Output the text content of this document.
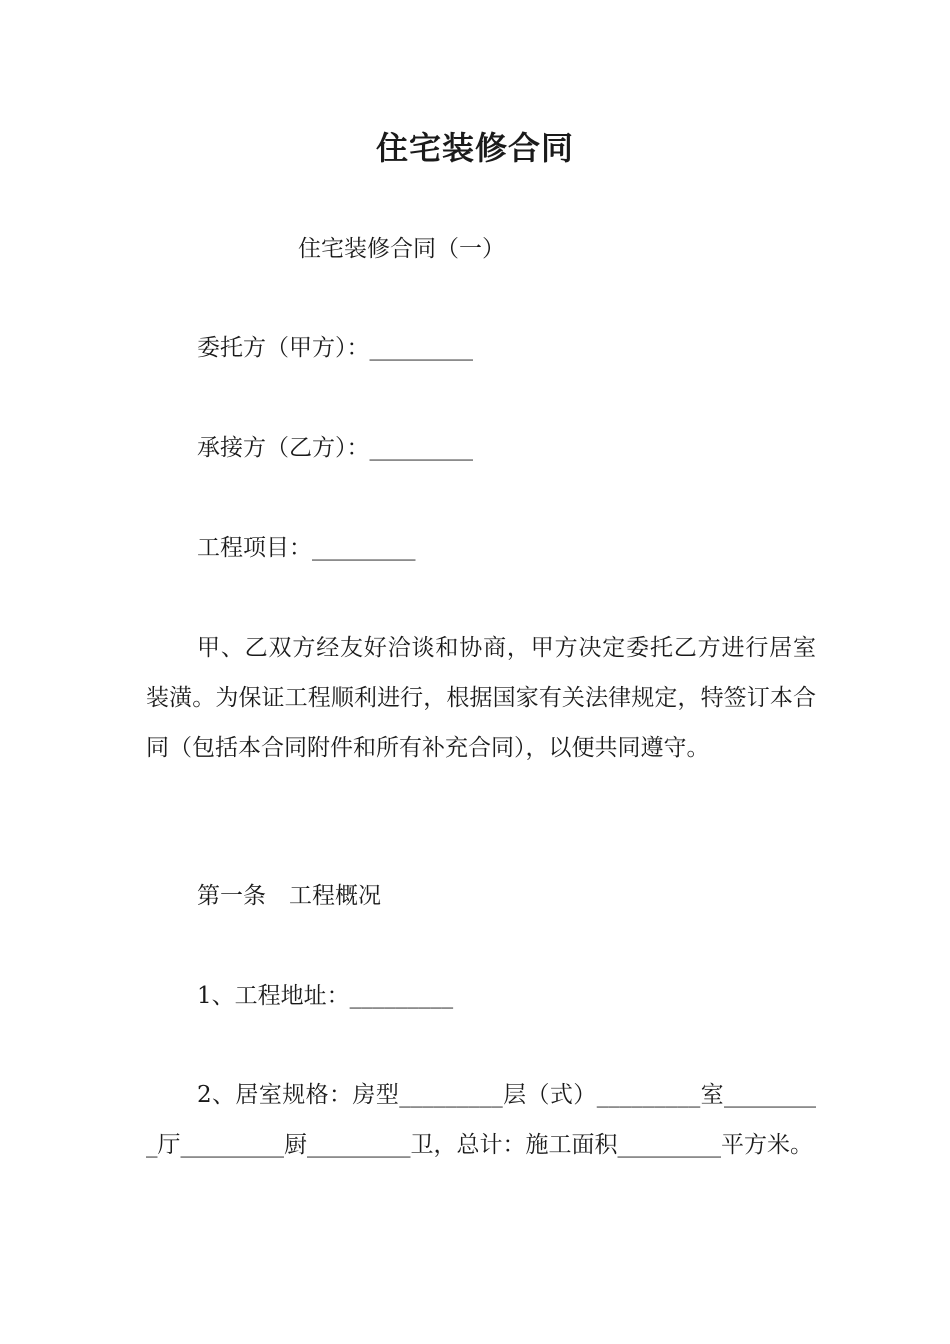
住宅装修合同
住宅装修合同（一）
委托方（甲方）：_________
承接方（乙方）：_________
工程项目：_________
甲、乙双方经友好洽谈和协商，甲方决定委托乙方进行居室装潢。为保证工程顺利进行，根据国家有关法律规定，特签订本合同（包括本合同附件和所有补充合同），以便共同遵守。
第一条　工程概况
1、工程地址：_________
2、居室规格：房型_________层（式）_________室_________厅_________厨_________卫，总计：施工面积_________平方米。
